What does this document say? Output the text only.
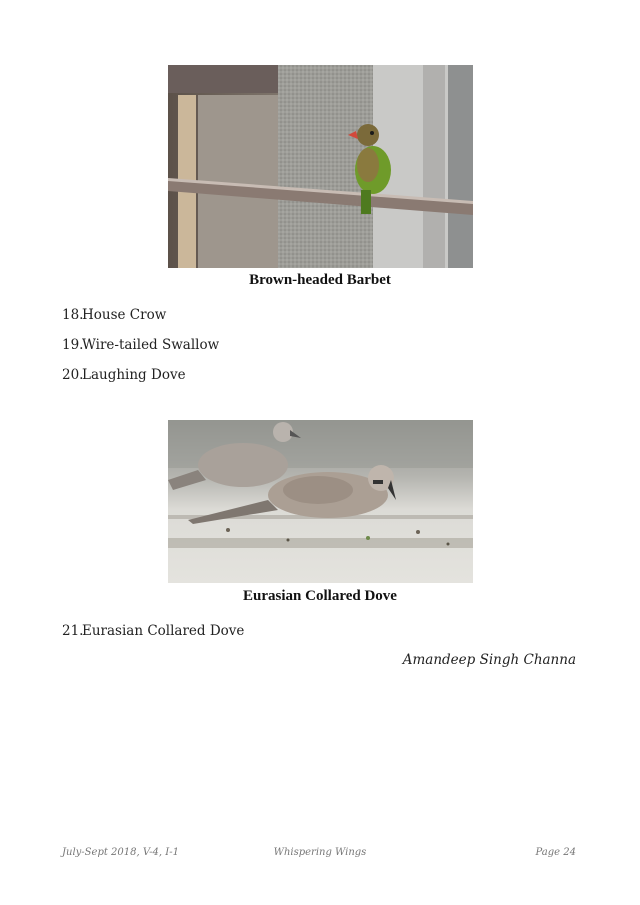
Brown-headed Barbet
18.House Crow
19.Wire-tailed Swallow
20.Laughing Dove
Eurasian Collared Dove
21.Eurasian Collared Dove
Amandeep Singh Channa
July-Sept 2018, V-4, I-1	Whispering Wings	Page 24
